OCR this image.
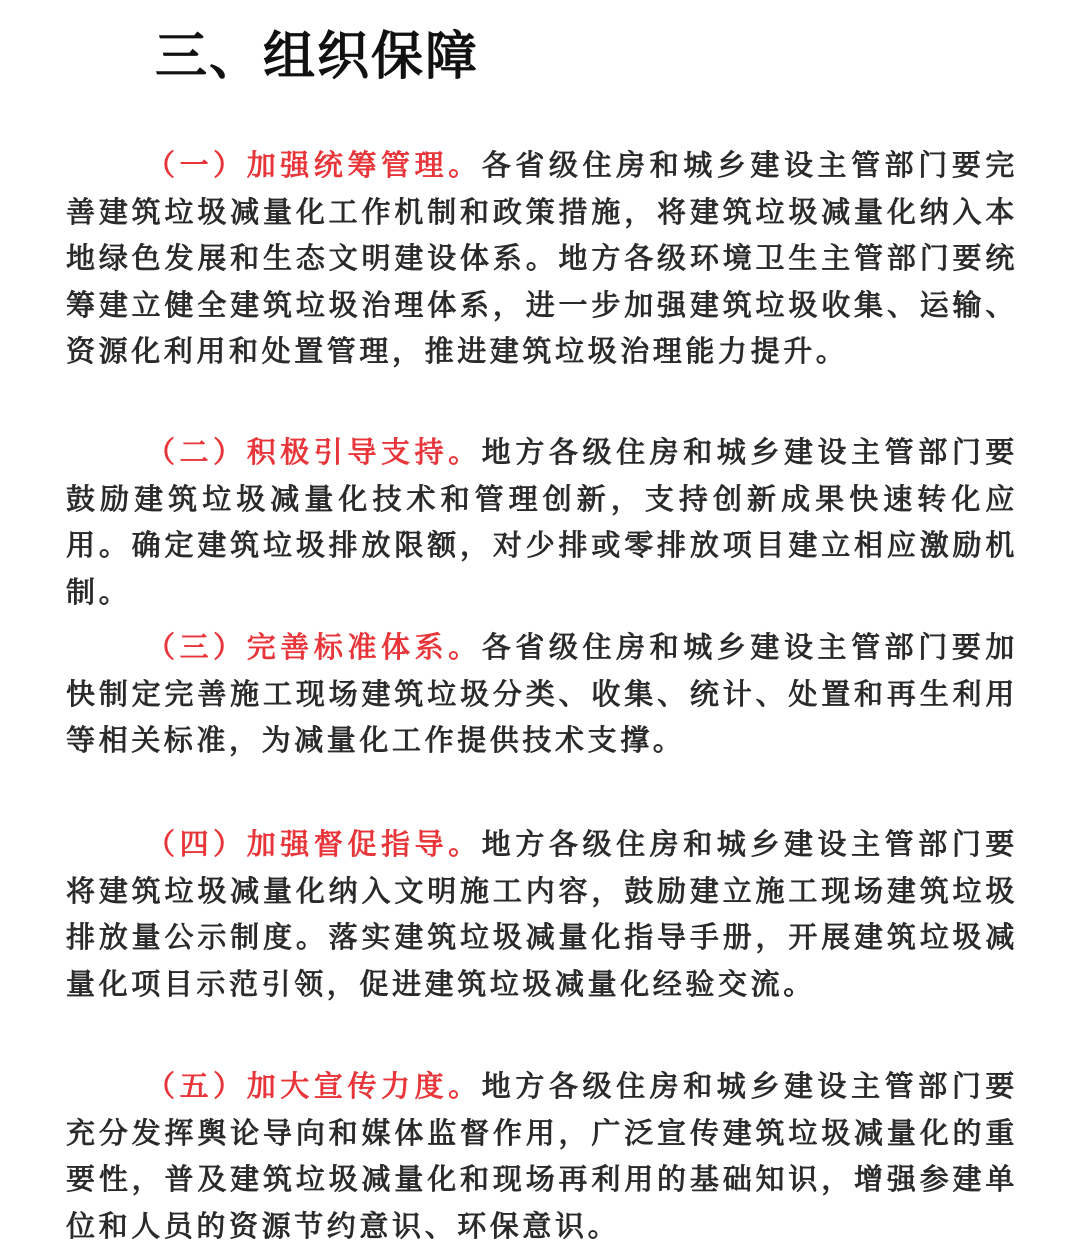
三、组织保障

（一）加强统筹管理。各省级住房和城乡建设主管部门要完善建筑垃圾减量化工作机制和政策措施，将建筑垃圾减量化纳入本地绿色发展和生态文明建设体系。地方各级环境卫生主管部门要统筹建立健全建筑垃圾治理体系，进一步加强建筑垃圾收集、运输、资源化利用和处置管理，推进建筑垃圾治理能力提升。

（二）积极引导支持。地方各级住房和城乡建设主管部门要鼓励建筑垃圾减量化技术和管理创新，支持创新成果快速转化应用。确定建筑垃圾排放限额，对少排或零排放项目建立相应激励机制。

（三）完善标准体系。各省级住房和城乡建设主管部门要加快制定完善施工现场建筑垃圾分类、收集、统计、处置和再生利用等相关标准，为减量化工作提供技术支撑。

（四）加强督促指导。地方各级住房和城乡建设主管部门要将建筑垃圾减量化纳入文明施工内容，鼓励建立施工现场建筑垃圾排放量公示制度。落实建筑垃圾减量化指导手册，开展建筑垃圾减量化项目示范引领，促进建筑垃圾减量化经验交流。

（五）加大宣传力度。地方各级住房和城乡建设主管部门要充分发挥舆论导向和媒体监督作用，广泛宣传建筑垃圾减量化的重要性，普及建筑垃圾减量化和现场再利用的基础知识，增强参建单位和人员的资源节约意识、环保意识。
